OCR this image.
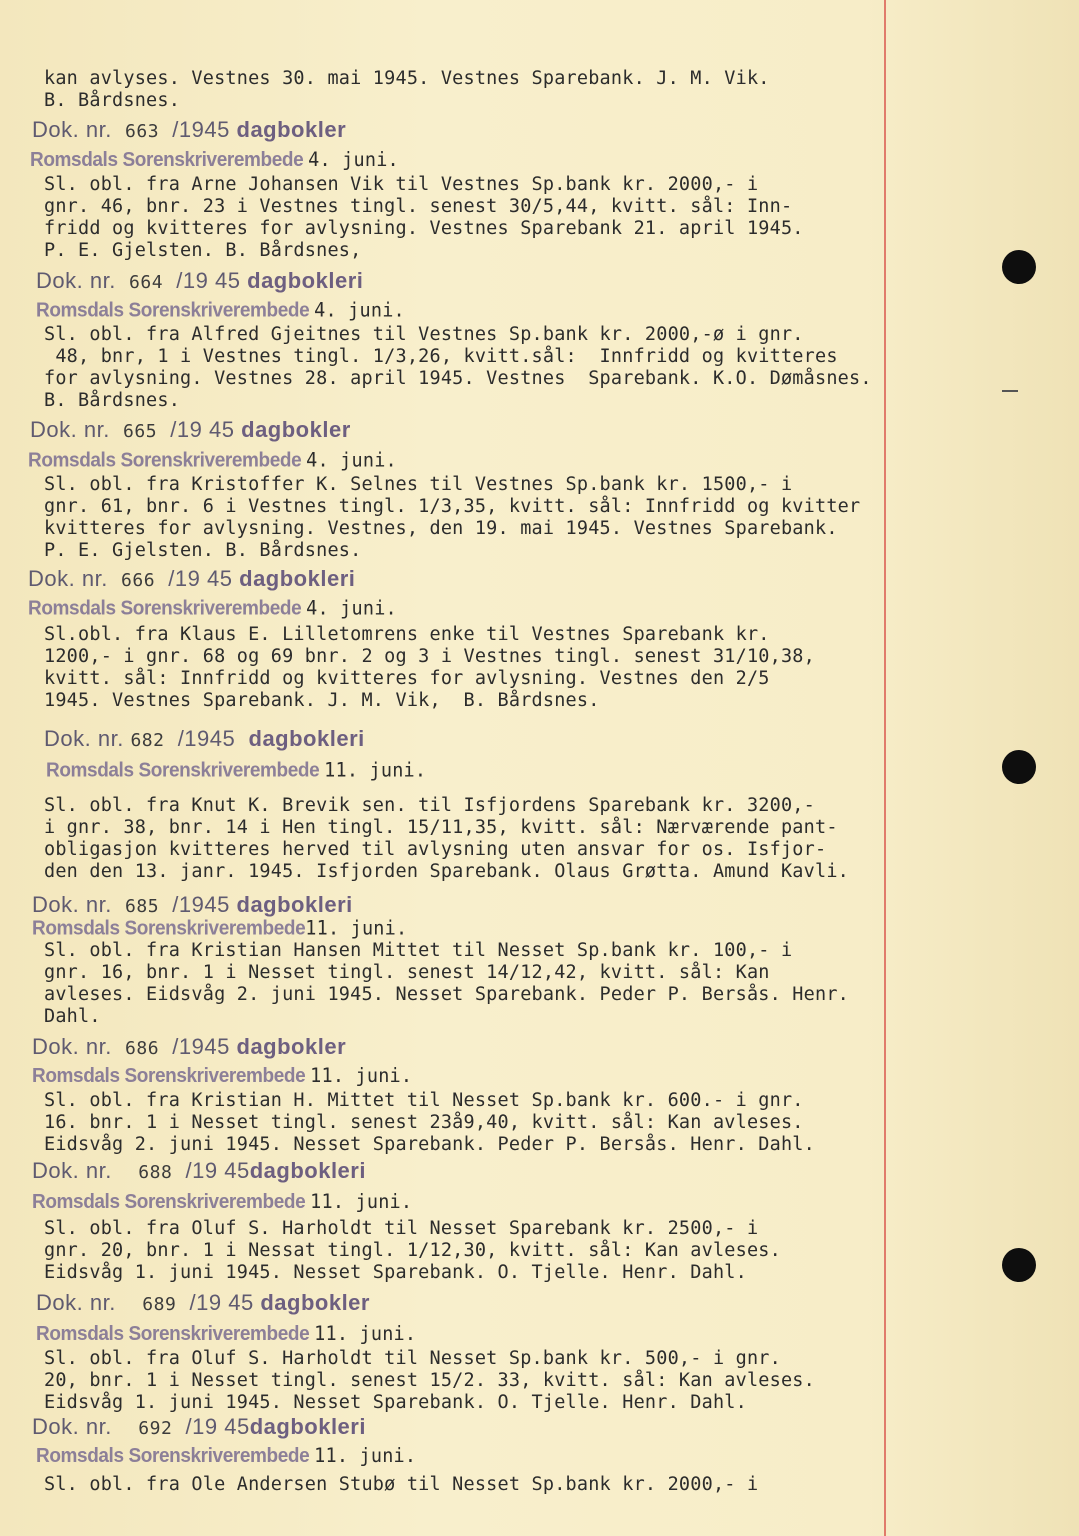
kan avlyses. Vestnes 30. mai 1945. Vestnes Sparebank. J. M. Vik.

B. Bårdsnes.

Dok. nr. 663 /1945 dagbokler
Romsdals Sorenskriverembede 4. juni.

Sl. obl. fra Arne Johansen Vik til Vestnes Sp.bank kr. 2000,- i

gnr. 46, bnr. 23 i Vestnes tingl. senest 30/5,44, kvitt. sål: Inn-

fridd og kvitteres for avlysning. Vestnes Sparebank 21. april 1945.

P. E. Gjelsten. B. Bårdsnes,

Dok. nr. 664 /19 45 dagbokleri
Romsdals Sorenskriverembede 4. juni.

Sl. obl. fra Alfred Gjeitnes til Vestnes Sp.bank kr. 2000,-ø i gnr.

48, bnr, 1 i Vestnes tingl. 1/3,26, kvitt.sål:  Innfridd og kvitteres

for avlysning. Vestnes 28. april 1945. Vestnes  Sparebank. K.O. Dømåsnes.

B. Bårdsnes.

Dok. nr. 665 /19 45 dagbokler
Romsdals Sorenskriverembede 4. juni.

Sl. obl. fra Kristoffer K. Selnes til Vestnes Sp.bank kr. 1500,- i

gnr. 61, bnr. 6 i Vestnes tingl. 1/3,35, kvitt. sål: Innfridd og kvitter

kvitteres for avlysning. Vestnes, den 19. mai 1945. Vestnes Sparebank.

P. E. Gjelsten. B. Bårdsnes.

Dok. nr. 666 /19 45 dagbokleri
Romsdals Sorenskriverembede 4. juni.

Sl.obl. fra Klaus E. Lilletomrens enke til Vestnes Sparebank kr.

1200,- i gnr. 68 og 69 bnr. 2 og 3 i Vestnes tingl. senest 31/10,38,

kvitt. sål: Innfridd og kvitteres for avlysning. Vestnes den 2/5

1945. Vestnes Sparebank. J. M. Vik,  B. Bårdsnes.

Dok. nr. 682 /1945 dagbokleri
Romsdals Sorenskriverembede 11. juni.

Sl. obl. fra Knut K. Brevik sen. til Isfjordens Sparebank kr. 3200,-

i gnr. 38, bnr. 14 i Hen tingl. 15/11,35, kvitt. sål: Nærværende pant-

obligasjon kvitteres herved til avlysning uten ansvar for os. Isfjor-

den den 13. janr. 1945. Isfjorden Sparebank. Olaus Grøtta. Amund Kavli.

Dok. nr. 685 /1945 dagbokleri
Romsdals Sorenskriverembede11. juni.

Sl. obl. fra Kristian Hansen Mittet til Nesset Sp.bank kr. 100,- i

gnr. 16, bnr. 1 i Nesset tingl. senest 14/12,42, kvitt. sål: Kan

avleses. Eidsvåg 2. juni 1945. Nesset Sparebank. Peder P. Bersås. Henr.

Dahl.

Dok. nr. 686 /1945 dagbokler
Romsdals Sorenskriverembede 11. juni.

Sl. obl. fra Kristian H. Mittet til Nesset Sp.bank kr. 600.- i gnr.

16. bnr. 1 i Nesset tingl. senest 23å9,40, kvitt. sål: Kan avleses.

Eidsvåg 2. juni 1945. Nesset Sparebank. Peder P. Bersås. Henr. Dahl.

Dok. nr. 688 /19 45dagbokleri
Romsdals Sorenskriverembede 11. juni.

Sl. obl. fra Oluf S. Harholdt til Nesset Sparebank kr. 2500,- i

gnr. 20, bnr. 1 i Nessat tingl. 1/12,30, kvitt. sål: Kan avleses.

Eidsvåg 1. juni 1945. Nesset Sparebank. O. Tjelle. Henr. Dahl.

Dok. nr. 689 /19 45 dagbokler
Romsdals Sorenskriverembede 11. juni.

Sl. obl. fra Oluf S. Harholdt til Nesset Sp.bank kr. 500,- i gnr.

20, bnr. 1 i Nesset tingl. senest 15/2. 33, kvitt. sål: Kan avleses.

Eidsvåg 1. juni 1945. Nesset Sparebank. O. Tjelle. Henr. Dahl.

Dok. nr. 692 /19 45dagbokleri
Romsdals Sorenskriverembede 11. juni.

Sl. obl. fra Ole Andersen Stubø til Nesset Sp.bank kr. 2000,- i
